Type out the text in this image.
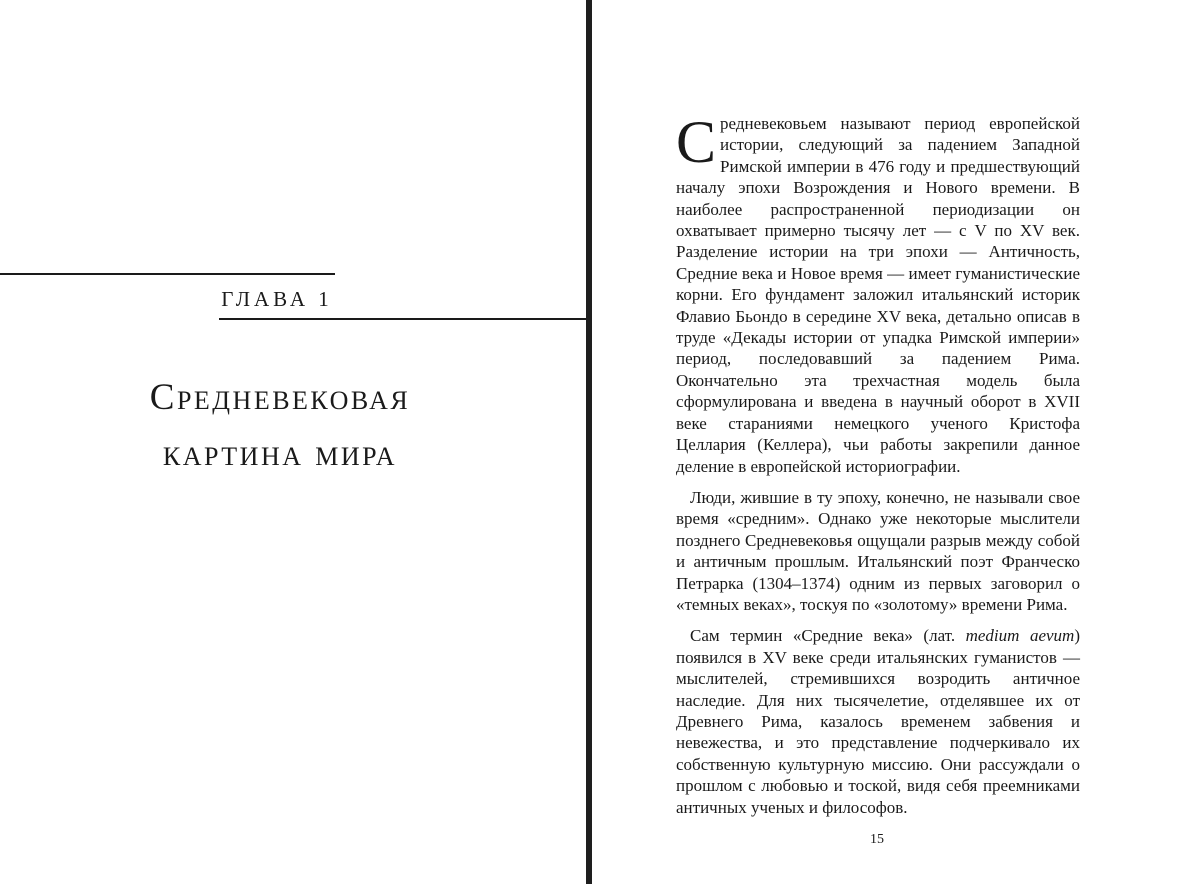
ГЛАВА 1
Средневековая
картина мира

Средневековьем называют период европейской истории, следующий за падением Западной Римской империи в 476 году и предшествующий началу эпохи Возрождения и Нового времени. В наиболее распространенной периодизации он охватывает примерно тысячу лет — с V по XV век. Разделение истории на три эпохи — Античность, Средние века и Новое время — имеет гуманистические корни. Его фундамент заложил итальянский историк Флавио Бьондо в середине XV века, детально описав в труде «Декады истории от упадка Римской империи» период, последовавший за падением Рима. Окончательно эта трехчастная модель была сформулирована и введена в научный оборот в XVII веке стараниями немецкого ученого Кристофа Целлария (Келлера), чьи работы закрепили данное деление в европейской историографии.

Люди, жившие в ту эпоху, конечно, не называли свое время «средним». Однако уже некоторые мыслители позднего Средневековья ощущали разрыв между собой и античным прошлым. Итальянский поэт Франческо Петрарка (1304–1374) одним из первых заговорил о «темных веках», тоскуя по «золотому» времени Рима.

Сам термин «Средние века» (лат. medium aevum) появился в XV веке среди итальянских гуманистов — мыслителей, стремившихся возродить античное наследие. Для них тысячелетие, отделявшее их от Древнего Рима, казалось временем забвения и невежества, и это представление подчеркивало их собственную культурную миссию. Они рассуждали о прошлом с любовью и тоской, видя себя преемниками античных ученых и философов.

15
